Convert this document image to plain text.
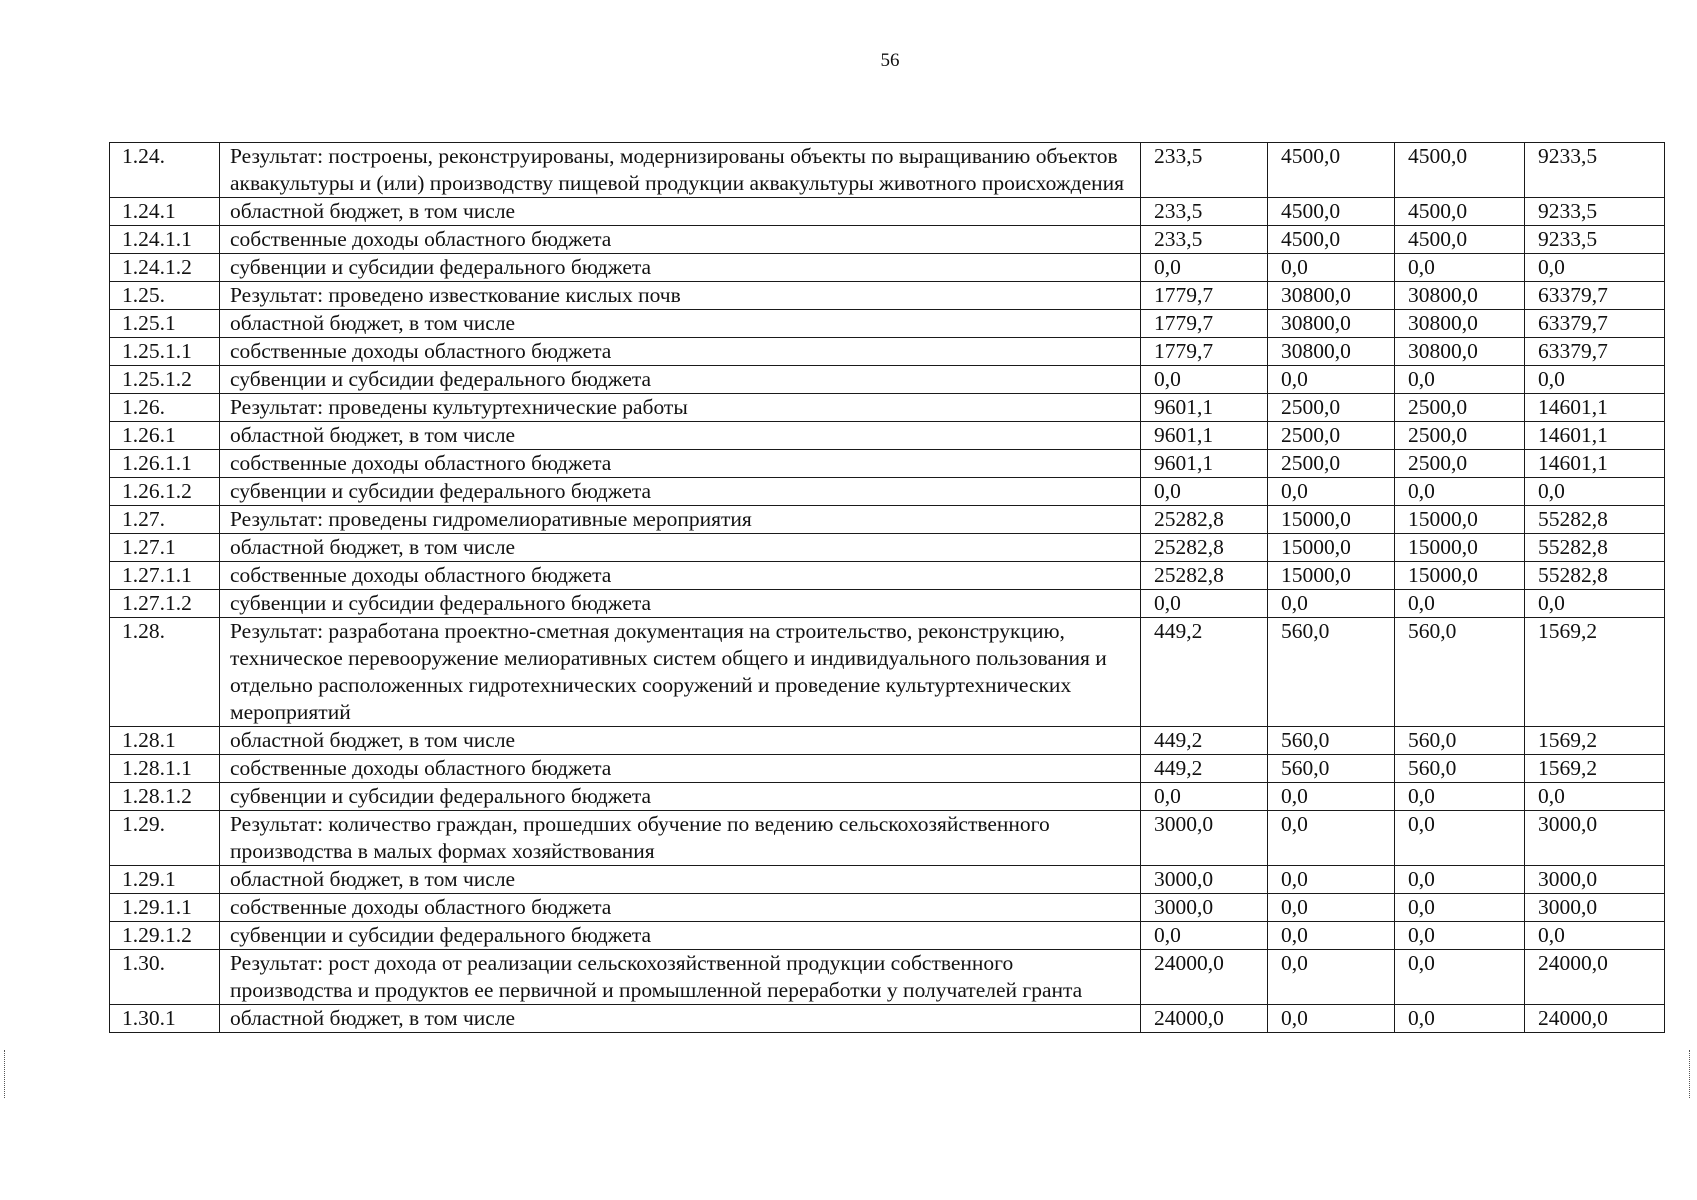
56
1.24.	Результат: построены, реконструированы, модернизированы объекты по выращиванию объектов аквакультуры и (или) производству пищевой продукции аквакультуры животного происхождения	233,5	4500,0	4500,0	9233,5
1.24.1	областной бюджет, в том числе	233,5	4500,0	4500,0	9233,5
1.24.1.1	собственные доходы областного бюджета	233,5	4500,0	4500,0	9233,5
1.24.1.2	субвенции и субсидии федерального бюджета	0,0	0,0	0,0	0,0
1.25.	Результат: проведено известкование кислых почв	1779,7	30800,0	30800,0	63379,7
1.25.1	областной бюджет, в том числе	1779,7	30800,0	30800,0	63379,7
1.25.1.1	собственные доходы областного бюджета	1779,7	30800,0	30800,0	63379,7
1.25.1.2	субвенции и субсидии федерального бюджета	0,0	0,0	0,0	0,0
1.26.	Результат: проведены культуртехнические работы	9601,1	2500,0	2500,0	14601,1
1.26.1	областной бюджет, в том числе	9601,1	2500,0	2500,0	14601,1
1.26.1.1	собственные доходы областного бюджета	9601,1	2500,0	2500,0	14601,1
1.26.1.2	субвенции и субсидии федерального бюджета	0,0	0,0	0,0	0,0
1.27.	Результат: проведены гидромелиоративные мероприятия	25282,8	15000,0	15000,0	55282,8
1.27.1	областной бюджет, в том числе	25282,8	15000,0	15000,0	55282,8
1.27.1.1	собственные доходы областного бюджета	25282,8	15000,0	15000,0	55282,8
1.27.1.2	субвенции и субсидии федерального бюджета	0,0	0,0	0,0	0,0
1.28.	Результат: разработана проектно-сметная документация на строительство, реконструкцию, техническое перевооружение мелиоративных систем общего и индивидуального пользования и отдельно расположенных гидротехнических сооружений и проведение культуртехнических мероприятий	449,2	560,0	560,0	1569,2
1.28.1	областной бюджет, в том числе	449,2	560,0	560,0	1569,2
1.28.1.1	собственные доходы областного бюджета	449,2	560,0	560,0	1569,2
1.28.1.2	субвенции и субсидии федерального бюджета	0,0	0,0	0,0	0,0
1.29.	Результат: количество граждан, прошедших обучение по ведению сельскохозяйственного производства в малых формах хозяйствования	3000,0	0,0	0,0	3000,0
1.29.1	областной бюджет, в том числе	3000,0	0,0	0,0	3000,0
1.29.1.1	собственные доходы областного бюджета	3000,0	0,0	0,0	3000,0
1.29.1.2	субвенции и субсидии федерального бюджета	0,0	0,0	0,0	0,0
1.30.	Результат: рост дохода от реализации сельскохозяйственной продукции собственного производства и продуктов ее первичной и промышленной переработки у получателей гранта	24000,0	0,0	0,0	24000,0
1.30.1	областной бюджет, в том числе	24000,0	0,0	0,0	24000,0
